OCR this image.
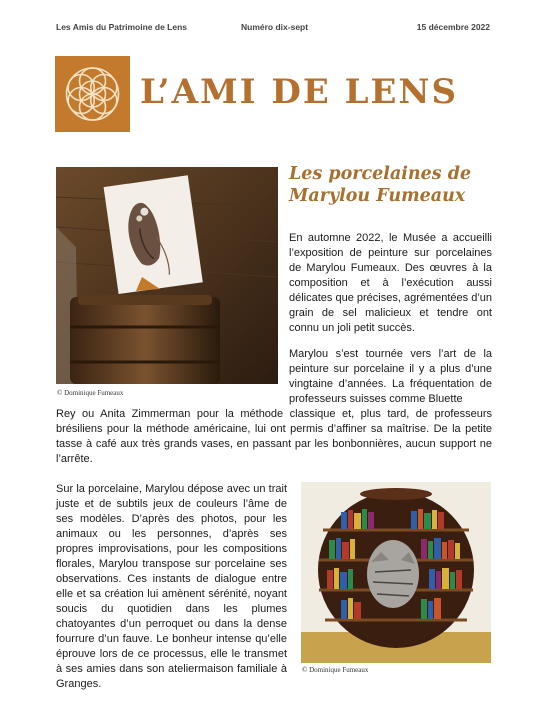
Les Amis du Patrimoine de Lens	Numéro dix-sept	15 décembre 2022
L’AMI DE LENS
© Dominique Fumeaux
Les porcelaines de
Marylou Fumeaux

En automne 2022, le Musée a accueilli l’exposition de peinture sur porcelaines de Marylou Fumeaux. Des œuvres à la composition et à l’exécution aussi délicates que précises, agrémentées d’un grain de sel malicieux et tendre ont connu un joli petit succès.

Marylou s’est tournée vers l’art de la peinture sur porcelaine il y a plus d’une vingtaine d’années. La fréquentation de professeurs suisses comme Bluette

Rey ou Anita Zimmerman pour la méthode classique et, plus tard, de professeurs brésiliens pour la méthode américaine, lui ont permis d’affiner sa maîtrise. De la petite tasse à café aux très grands vases, en passant par les bonbonnières, aucun support ne l’arrête.

Sur la porcelaine, Marylou dépose avec un trait juste et de subtils jeux de couleurs l’âme de ses modèles. D’après des photos, pour les animaux ou les personnes, d’après ses propres improvisations, pour les compositions florales, Marylou transpose sur porcelaine ses observations. Ces instants de dialogue entre elle et sa création lui amènent sérénité, noyant soucis du quotidien dans les plumes chatoyantes d’un perroquet ou dans la dense fourrure d’un fauve. Le bonheur intense qu’elle éprouve lors de ce processus, elle le transmet à ses amies dans son ateliermaison familiale à Granges.

© Dominique Fumeaux
